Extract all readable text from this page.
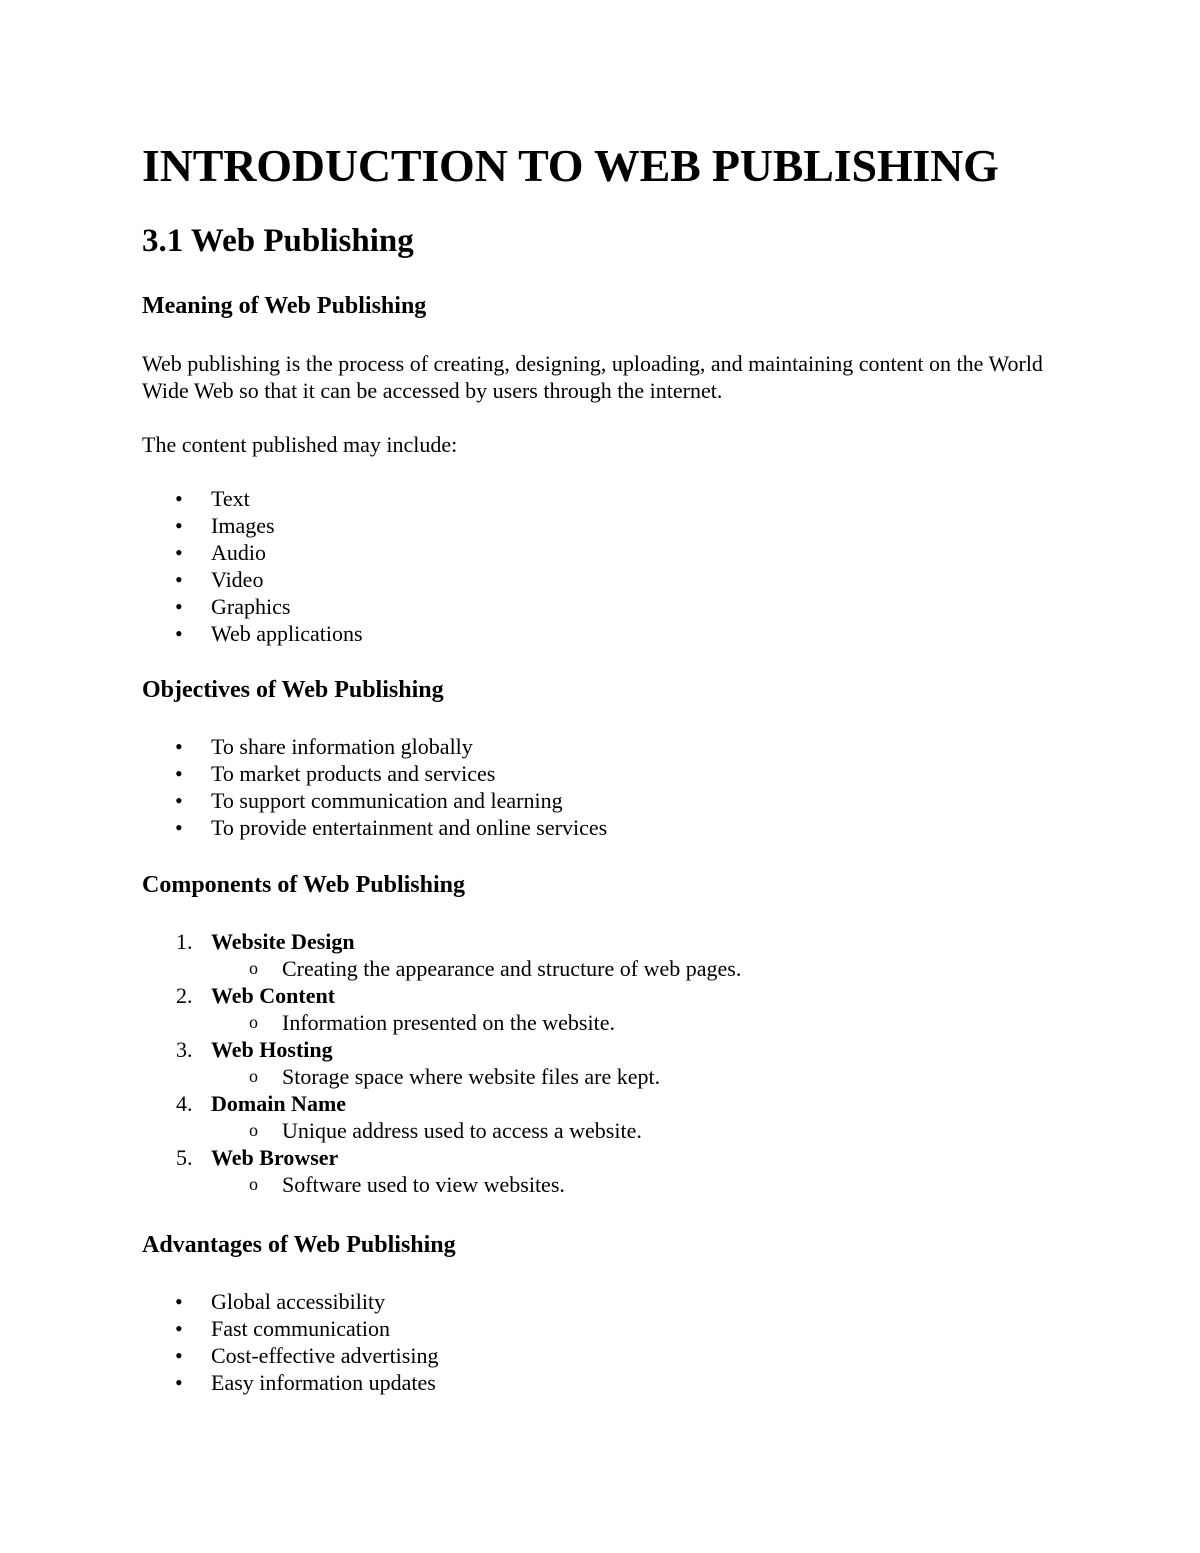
INTRODUCTION TO WEB PUBLISHING
3.1 Web Publishing
Meaning of Web Publishing
Web publishing is the process of creating, designing, uploading, and maintaining content on the World Wide Web so that it can be accessed by users through the internet.
The content published may include:
• Text
• Images
• Audio
• Video
• Graphics
• Web applications
Objectives of Web Publishing
• To share information globally
• To market products and services
• To support communication and learning
• To provide entertainment and online services
Components of Web Publishing
1. Website Design
o Creating the appearance and structure of web pages.
2. Web Content
o Information presented on the website.
3. Web Hosting
o Storage space where website files are kept.
4. Domain Name
o Unique address used to access a website.
5. Web Browser
o Software used to view websites.
Advantages of Web Publishing
• Global accessibility
• Fast communication
• Cost-effective advertising
• Easy information updates
